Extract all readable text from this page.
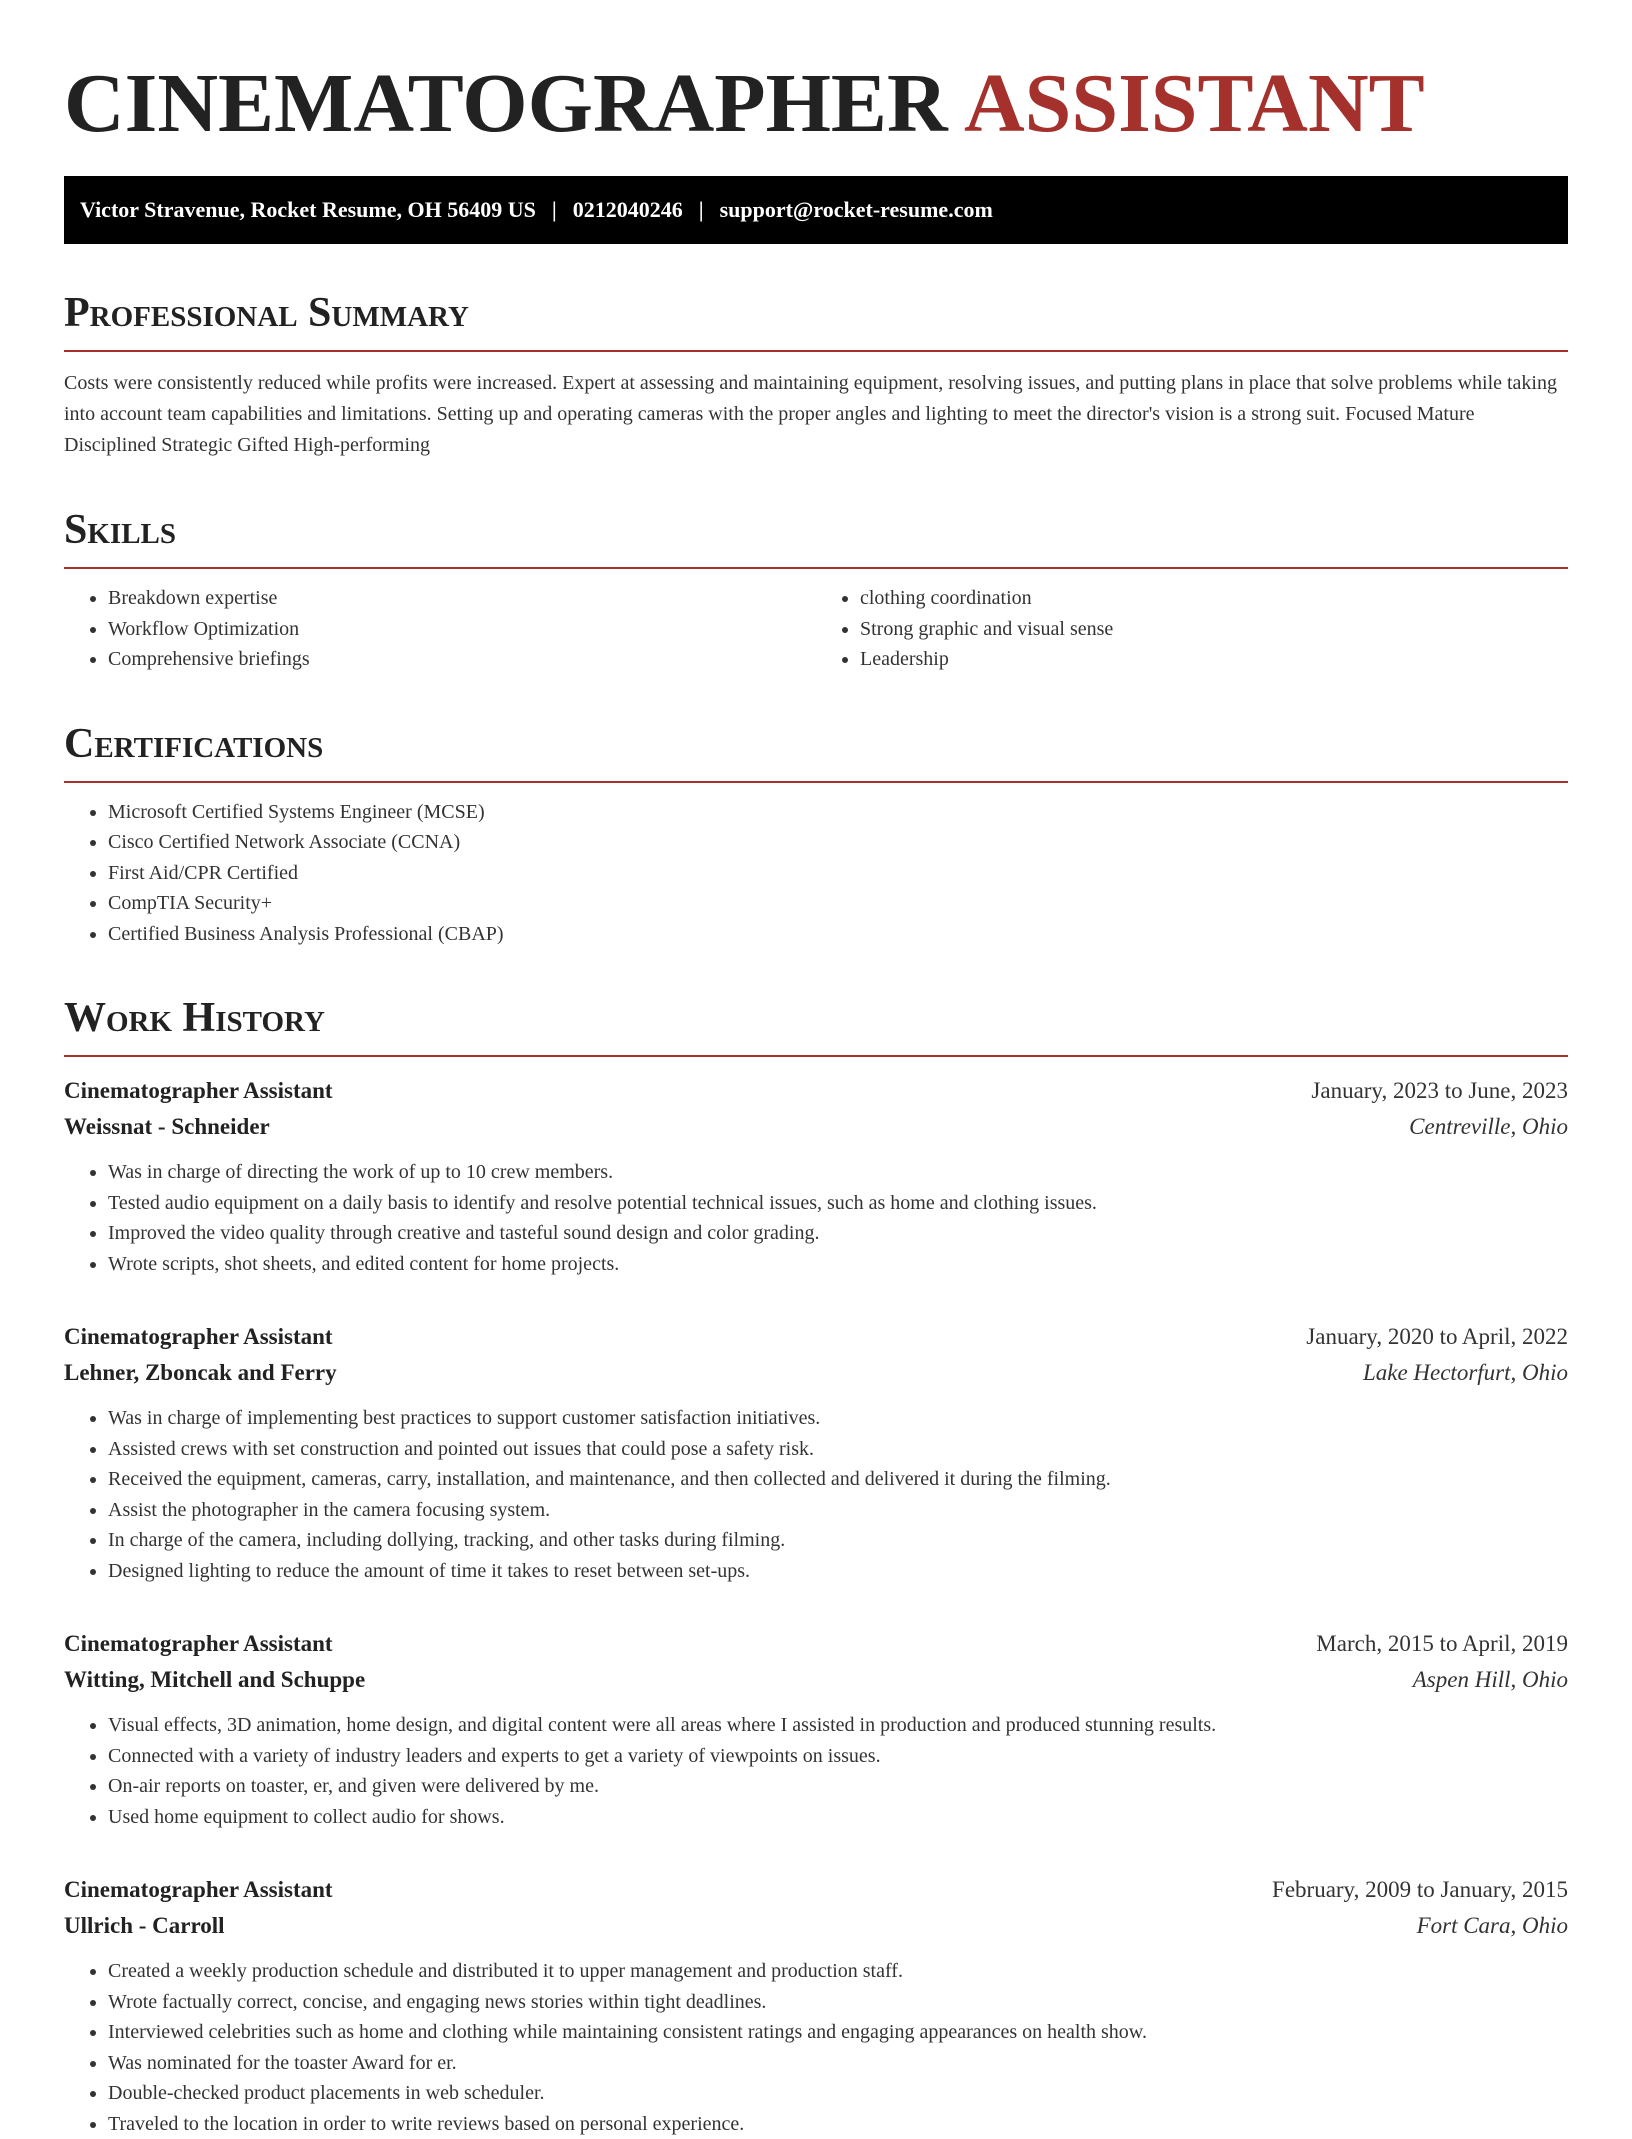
CINEMATOGRAPHER ASSISTANT
Victor Stravenue, Rocket Resume, OH 56409 US | 0212040246 | support@rocket-resume.com
Professional Summary

Costs were consistently reduced while profits were increased. Expert at assessing and maintaining equipment, resolving issues, and putting plans in place that solve problems while taking into account team capabilities and limitations. Setting up and operating cameras with the proper angles and lighting to meet the director's vision is a strong suit. Focused Mature Disciplined Strategic Gifted High-performing

Skills
• Breakdown expertise
• Workflow Optimization
• Comprehensive briefings
• clothing coordination
• Strong graphic and visual sense
• Leadership
Certifications
• Microsoft Certified Systems Engineer (MCSE)
• Cisco Certified Network Associate (CCNA)
• First Aid/CPR Certified
• CompTIA Security+
• Certified Business Analysis Professional (CBAP)
Work History
Cinematographer Assistant	January, 2023 to June, 2023
Weissnat - Schneider	Centreville, Ohio
• Was in charge of directing the work of up to 10 crew members.
• Tested audio equipment on a daily basis to identify and resolve potential technical issues, such as home and clothing issues.
• Improved the video quality through creative and tasteful sound design and color grading.
• Wrote scripts, shot sheets, and edited content for home projects.
Cinematographer Assistant	January, 2020 to April, 2022
Lehner, Zboncak and Ferry	Lake Hectorfurt, Ohio
• Was in charge of implementing best practices to support customer satisfaction initiatives.
• Assisted crews with set construction and pointed out issues that could pose a safety risk.
• Received the equipment, cameras, carry, installation, and maintenance, and then collected and delivered it during the filming.
• Assist the photographer in the camera focusing system.
• In charge of the camera, including dollying, tracking, and other tasks during filming.
• Designed lighting to reduce the amount of time it takes to reset between set-ups.
Cinematographer Assistant	March, 2015 to April, 2019
Witting, Mitchell and Schuppe	Aspen Hill, Ohio
• Visual effects, 3D animation, home design, and digital content were all areas where I assisted in production and produced stunning results.
• Connected with a variety of industry leaders and experts to get a variety of viewpoints on issues.
• On-air reports on toaster, er, and given were delivered by me.
• Used home equipment to collect audio for shows.
Cinematographer Assistant	February, 2009 to January, 2015
Ullrich - Carroll	Fort Cara, Ohio
• Created a weekly production schedule and distributed it to upper management and production staff.
• Wrote factually correct, concise, and engaging news stories within tight deadlines.
• Interviewed celebrities such as home and clothing while maintaining consistent ratings and engaging appearances on health show.
• Was nominated for the toaster Award for er.
• Double-checked product placements in web scheduler.
• Traveled to the location in order to write reviews based on personal experience.
